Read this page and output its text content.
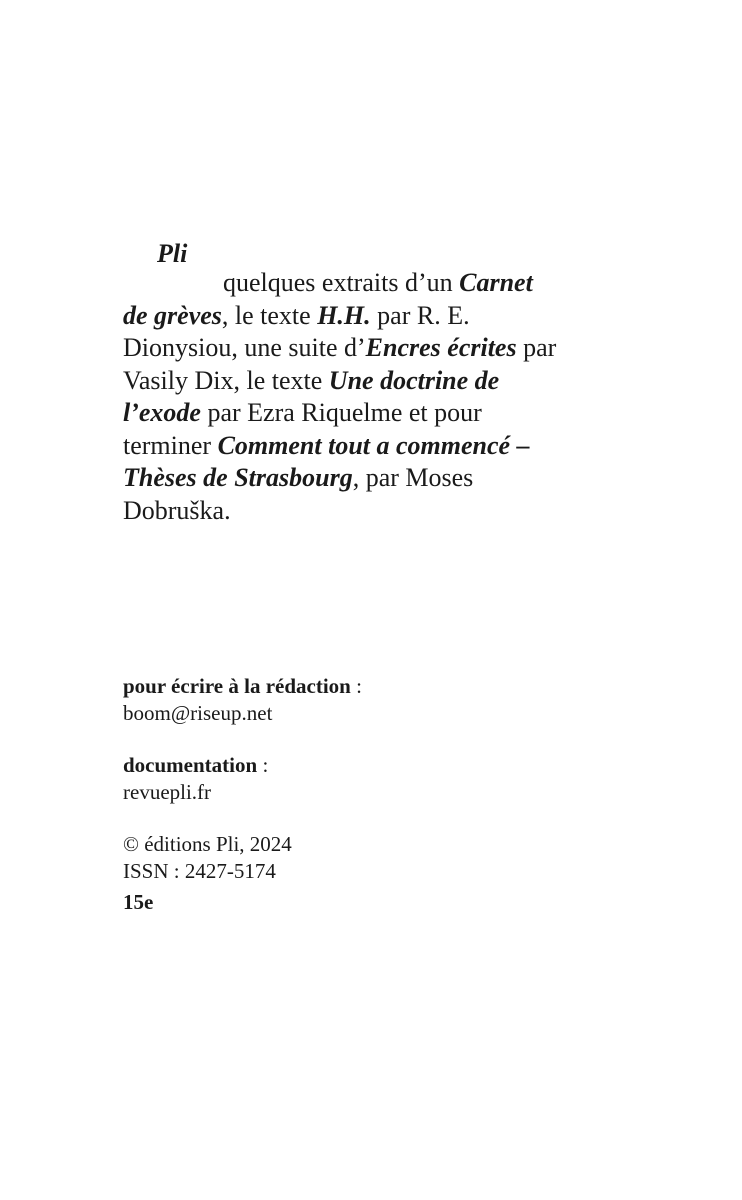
Pli

quelques extraits d’un Carnet de grèves, le texte H.H. par R. E. Dionysiou, une suite d’Encres écrites par Vasily Dix, le texte Une doctrine de l’exode par Ezra Riquelme et pour terminer Comment tout a commencé – Thèses de Strasbourg, par Moses Dobruška.

pour écrire à la rédaction :
boom@riseup.net
documentation :
revuepli.fr
© éditions Pli, 2024
ISSN : 2427-5174
15e
